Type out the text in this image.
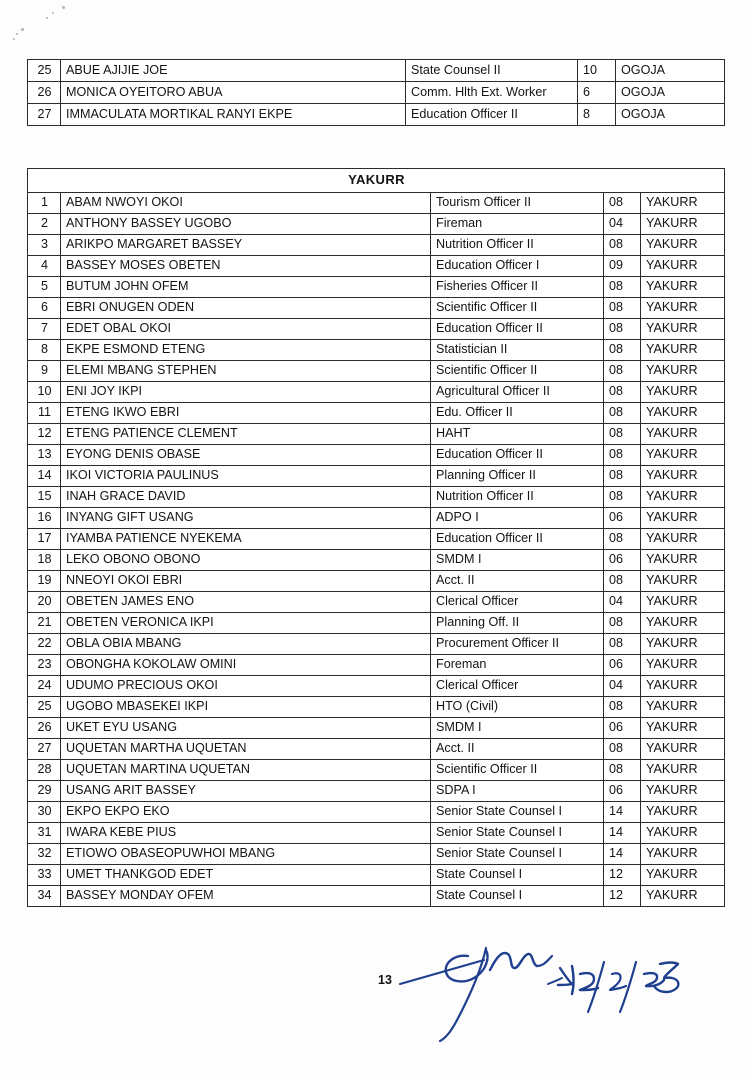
25	ABUE AJIJIE JOE	State Counsel II	10	OGOJA
26	MONICA OYEITORO ABUA	Comm. Hlth Ext. Worker	6	OGOJA
27	IMMACULATA MORTIKAL RANYI EKPE	Education Officer II	8	OGOJA
YAKURR				
1	ABAM NWOYI OKOI	Tourism Officer II	08	YAKURR
2	ANTHONY BASSEY UGOBO	Fireman	04	YAKURR
3	ARIKPO MARGARET BASSEY	Nutrition Officer II	08	YAKURR
4	BASSEY MOSES OBETEN	Education Officer I	09	YAKURR
5	BUTUM JOHN OFEM	Fisheries Officer II	08	YAKURR
6	EBRI ONUGEN ODEN	Scientific Officer II	08	YAKURR
7	EDET OBAL OKOI	Education Officer II	08	YAKURR
8	EKPE ESMOND ETENG	Statistician II	08	YAKURR
9	ELEMI MBANG STEPHEN	Scientific Officer II	08	YAKURR
10	ENI JOY IKPI	Agricultural Officer II	08	YAKURR
11	ETENG IKWO EBRI	Edu. Officer II	08	YAKURR
12	ETENG PATIENCE CLEMENT	HAHT	08	YAKURR
13	EYONG DENIS OBASE	Education Officer II	08	YAKURR
14	IKOI VICTORIA PAULINUS	Planning Officer II	08	YAKURR
15	INAH GRACE DAVID	Nutrition Officer II	08	YAKURR
16	INYANG GIFT USANG	ADPO I	06	YAKURR
17	IYAMBA PATIENCE NYEKEMA	Education Officer II	08	YAKURR
18	LEKO OBONO OBONO	SMDM I	06	YAKURR
19	NNEOYI OKOI EBRI	Acct. II	08	YAKURR
20	OBETEN JAMES ENO	Clerical Officer	04	YAKURR
21	OBETEN VERONICA IKPI	Planning Off. II	08	YAKURR
22	OBLA OBIA MBANG	Procurement Officer II	08	YAKURR
23	OBONGHA KOKOLAW OMINI	Foreman	06	YAKURR
24	UDUMO PRECIOUS OKOI	Clerical Officer	04	YAKURR
25	UGOBO MBASEKEI IKPI	HTO (Civil)	08	YAKURR
26	UKET EYU USANG	SMDM I	06	YAKURR
27	UQUETAN MARTHA UQUETAN	Acct. II	08	YAKURR
28	UQUETAN MARTINA UQUETAN	Scientific Officer II	08	YAKURR
29	USANG ARIT BASSEY	SDPA I	06	YAKURR
30	EKPO EKPO EKO	Senior State Counsel I	14	YAKURR
31	IWARA KEBE PIUS	Senior State Counsel I	14	YAKURR
32	ETIOWO OBASEOPUWHOI MBANG	Senior State Counsel I	14	YAKURR
33	UMET THANKGOD EDET	State Counsel I	12	YAKURR
34	BASSEY MONDAY OFEM	State Counsel I	12	YAKURR
13
